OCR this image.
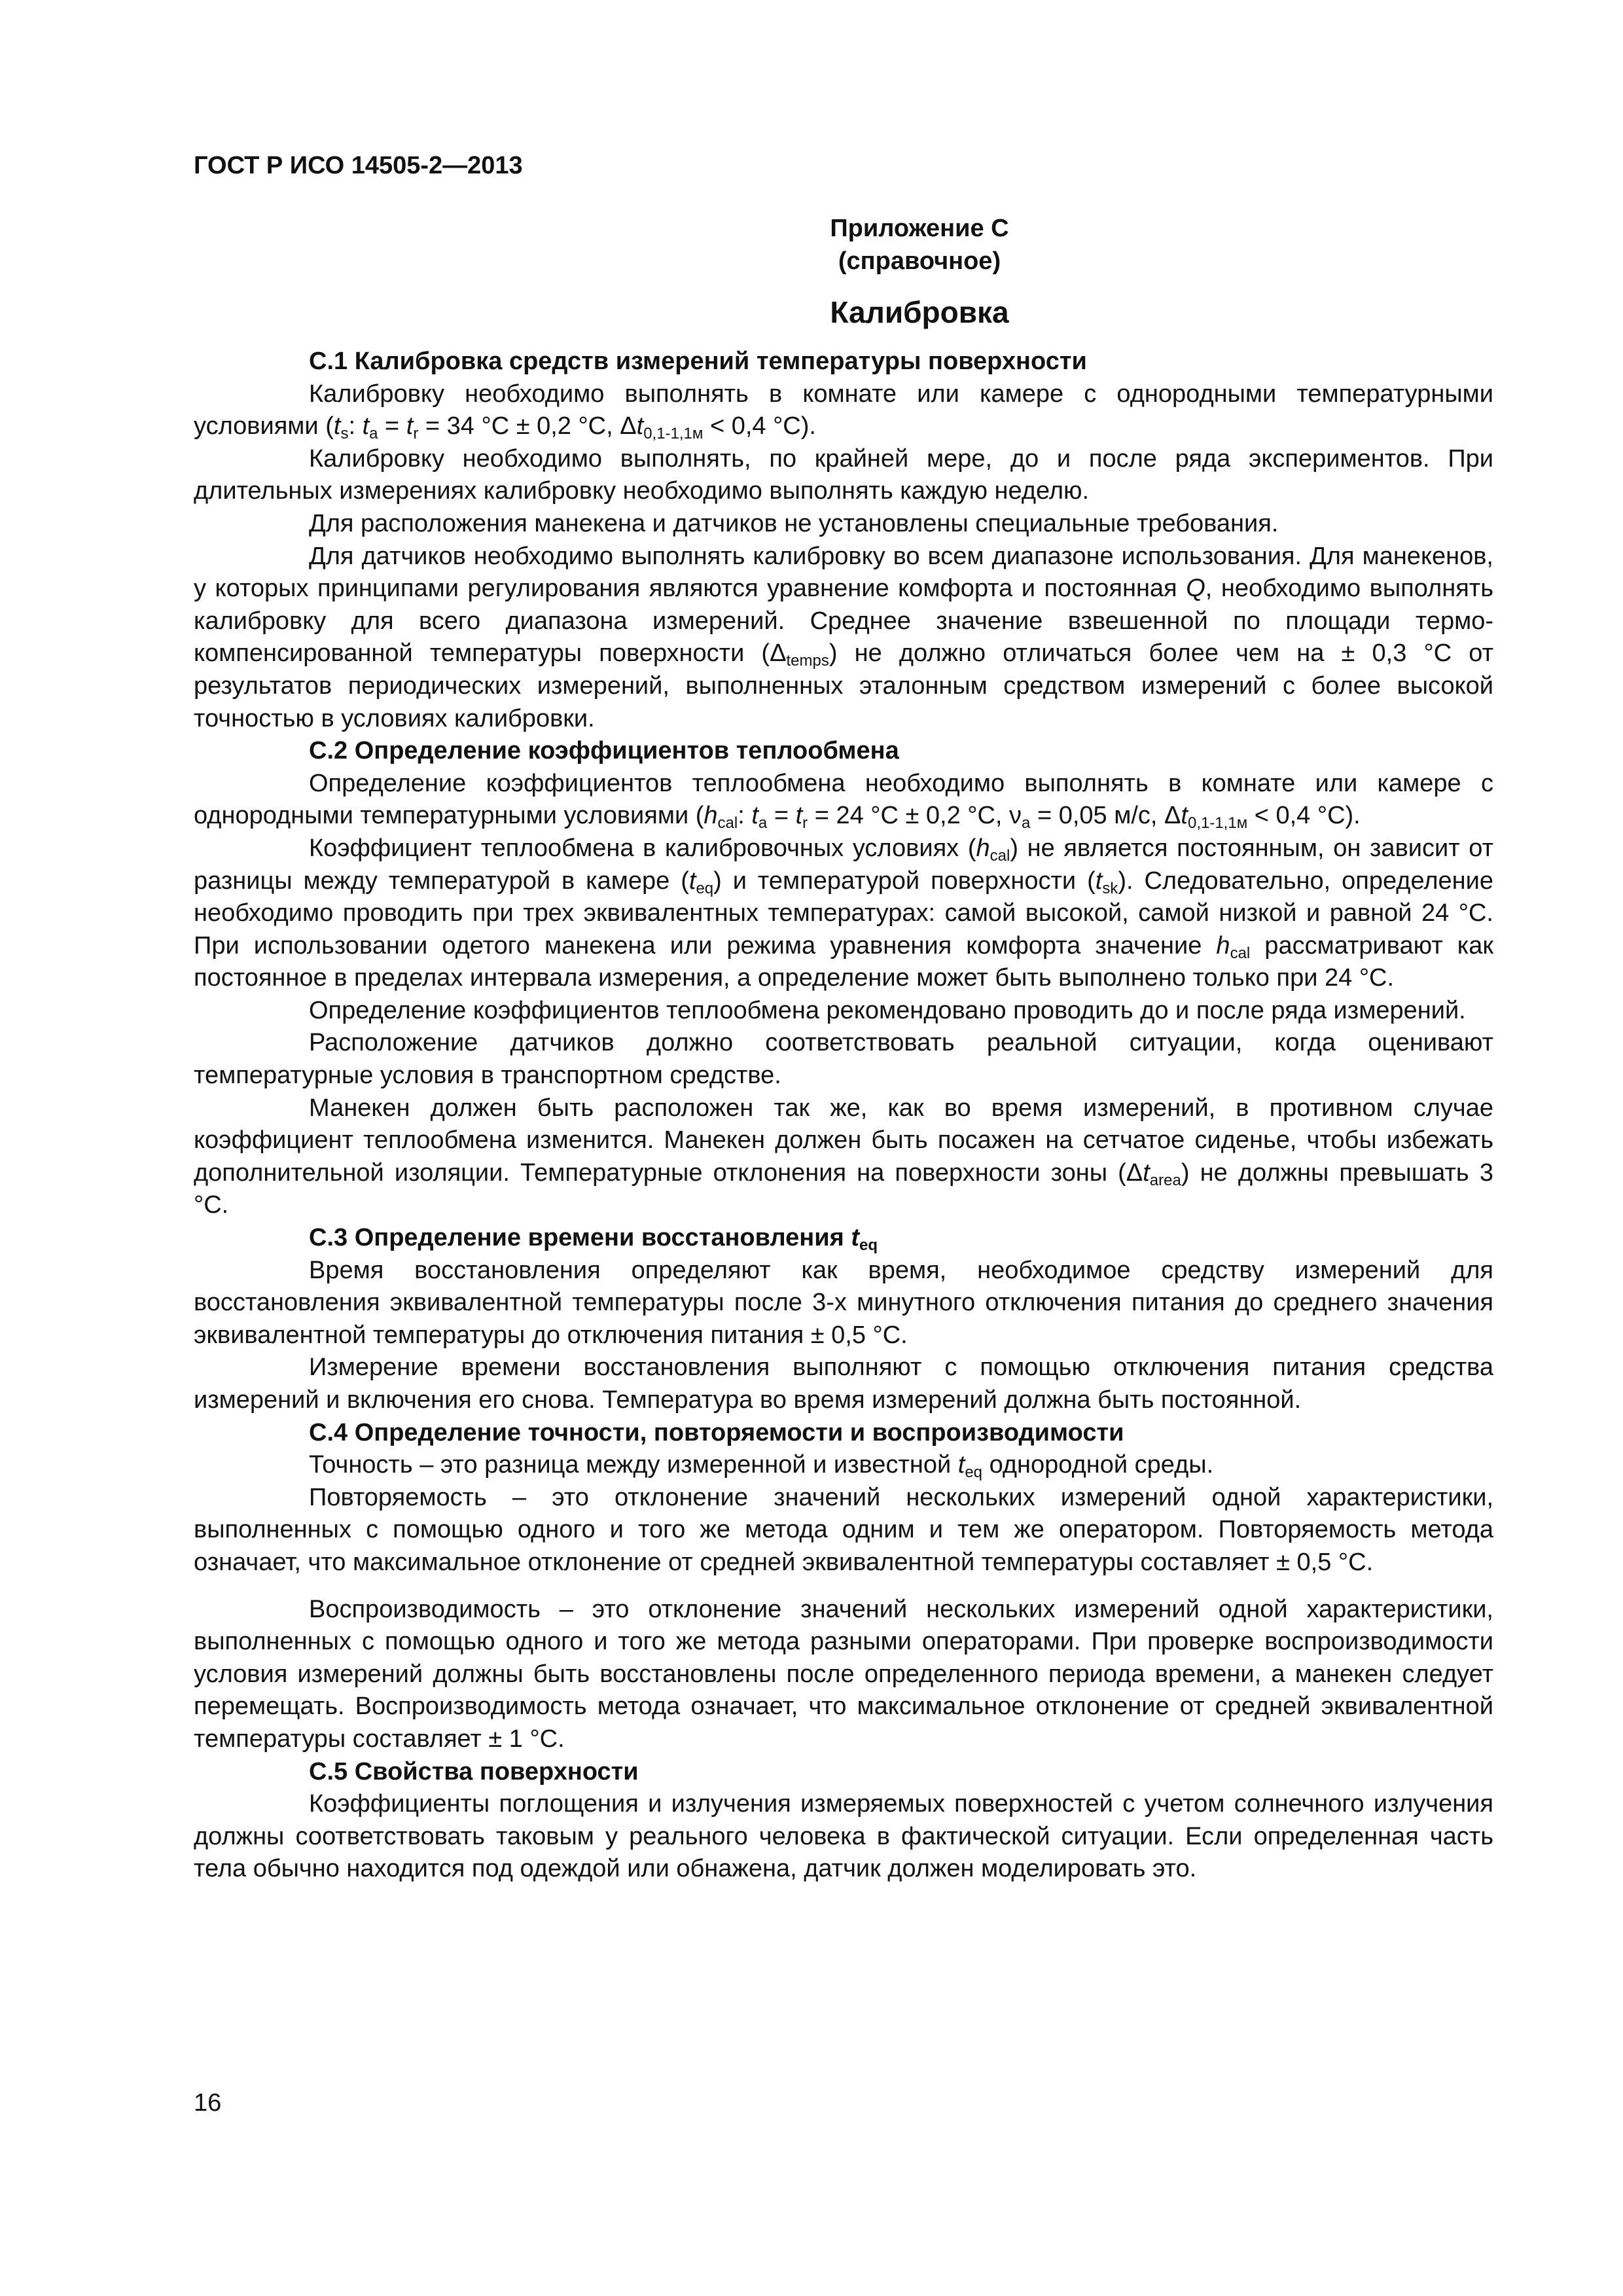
ГОСТ Р ИСО 14505-2—2013
Приложение С
(справочное)
Калибровка
С.1 Калибровка средств измерений температуры поверхности

Калибровку необходимо выполнять в комнате или камере с однородными температурными условиями ($t_s$: $t_a = t_r = 34$ °C ± 0,2 °C, $\Delta t_{0,1-1,1м} < 0,4$ °C).

Калибровку необходимо выполнять, по крайней мере, до и после ряда экспериментов. При длительных измерениях калибровку необходимо выполнять каждую неделю.

Для расположения манекена и датчиков не установлены специальные требования.

Для датчиков необходимо выполнять калибровку во всем диапазоне использования. Для манекенов, у которых принципами регулирования являются уравнение комфорта и постоянная Q, необходимо выполнять калибровку для всего диапазона измерений. Среднее значение взвешенной по площади термо-компенсированной температуры поверхности $(\Delta_{temps})$ не должно отличаться более чем на ± 0,3 °C от результатов периодических измерений, выполненных эталонным средством измерений с более высокой точностью в условиях калибровки.

С.2 Определение коэффициентов теплообмена

Определение коэффициентов теплообмена необходимо выполнять в комнате или камере с однородными температурными условиями ($h_{cal}$: $t_a = t_r = 24$ °C ± 0,2 °C, $\nu_a = 0,05$ м/с, $\Delta t_{0,1-1,1м} < 0,4$ °C).

Коэффициент теплообмена в калибровочных условиях $(h_{cal})$ не является постоянным, он зависит от разницы между температурой в камере $(t_{eq})$ и температурой поверхности $(t_{sk})$. Следовательно, определение необходимо проводить при трех эквивалентных температурах: самой высокой, самой низкой и равной 24 °C. При использовании одетого манекена или режима уравнения комфорта значение $h_{cal}$ рассматривают как постоянное в пределах интервала измерения, а определение может быть выполнено только при 24 °C.

Определение коэффициентов теплообмена рекомендовано проводить до и после ряда измерений.

Расположение датчиков должно соответствовать реальной ситуации, когда оценивают температурные условия в транспортном средстве.

Манекен должен быть расположен так же, как во время измерений, в противном случае коэффициент теплообмена изменится. Манекен должен быть посажен на сетчатое сиденье, чтобы избежать дополнительной изоляции. Температурные отклонения на поверхности зоны $(\Delta t_{area})$ не должны превышать 3 °C.

С.3 Определение времени восстановления $t_{eq}$

Время восстановления определяют как время, необходимое средству измерений для восстановления эквивалентной температуры после 3-х минутного отключения питания до среднего значения эквивалентной температуры до отключения питания ± 0,5 °C.

Измерение времени восстановления выполняют с помощью отключения питания средства измерений и включения его снова. Температура во время измерений должна быть постоянной.

С.4 Определение точности, повторяемости и воспроизводимости

Точность – это разница между измеренной и известной $t_{eq}$ однородной среды.

Повторяемость – это отклонение значений нескольких измерений одной характеристики, выполненных с помощью одного и того же метода одним и тем же оператором. Повторяемость метода означает, что максимальное отклонение от средней эквивалентной температуры составляет ± 0,5 °C.

Воспроизводимость – это отклонение значений нескольких измерений одной характеристики, выполненных с помощью одного и того же метода разными операторами. При проверке воспроизводимости условия измерений должны быть восстановлены после определенного периода времени, а манекен следует перемещать. Воспроизводимость метода означает, что максимальное отклонение от средней эквивалентной температуры составляет ± 1 °C.

С.5 Свойства поверхности

Коэффициенты поглощения и излучения измеряемых поверхностей с учетом солнечного излучения должны соответствовать таковым у реального человека в фактической ситуации. Если определенная часть тела обычно находится под одеждой или обнажена, датчик должен моделировать это.

16
